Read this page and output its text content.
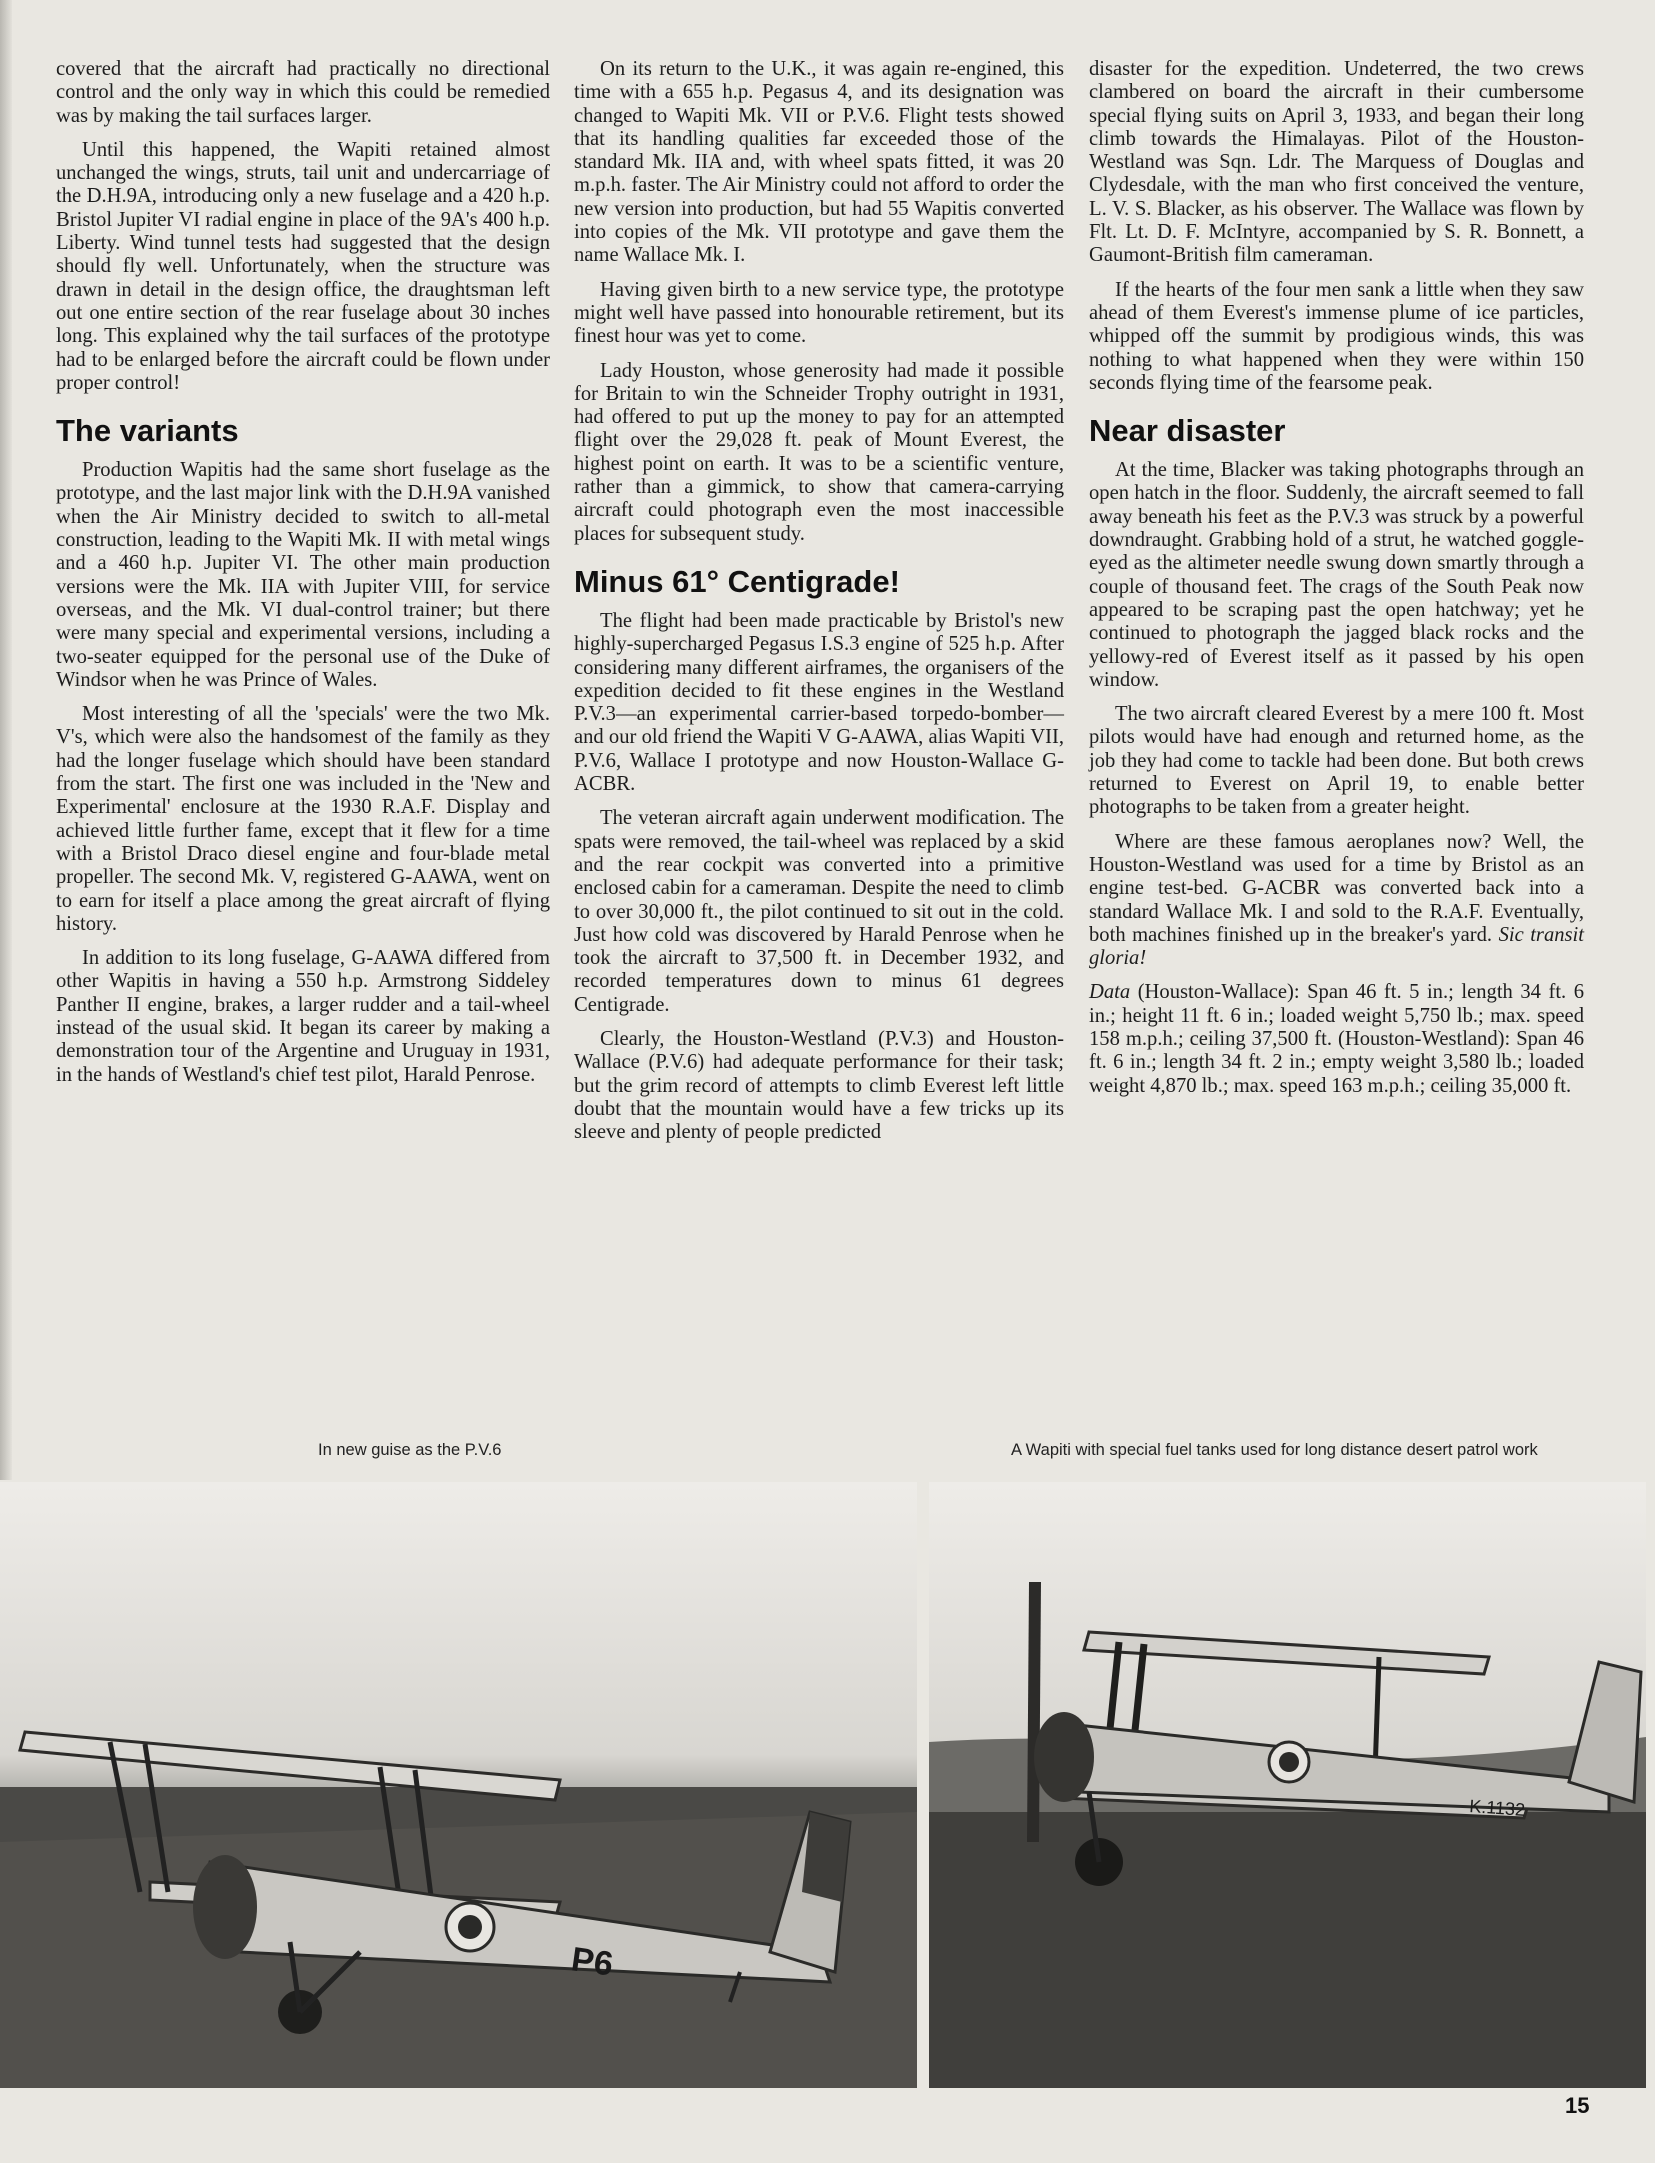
covered that the aircraft had practically no directional control and the only way in which this could be remedied was by making the tail surfaces larger.

Until this happened, the Wapiti retained almost unchanged the wings, struts, tail unit and undercarriage of the D.H.9A, introducing only a new fuselage and a 420 h.p. Bristol Jupiter VI radial engine in place of the 9A's 400 h.p. Liberty. Wind tunnel tests had suggested that the design should fly well. Unfortunately, when the structure was drawn in detail in the design office, the draughtsman left out one entire section of the rear fuselage about 30 inches long. This explained why the tail surfaces of the prototype had to be enlarged before the aircraft could be flown under proper control!

The variants

Production Wapitis had the same short fuselage as the prototype, and the last major link with the D.H.9A vanished when the Air Ministry decided to switch to all-metal construction, leading to the Wapiti Mk. II with metal wings and a 460 h.p. Jupiter VI. The other main production versions were the Mk. IIA with Jupiter VIII, for service overseas, and the Mk. VI dual-control trainer; but there were many special and experimental versions, including a two-seater equipped for the personal use of the Duke of Windsor when he was Prince of Wales.

Most interesting of all the 'specials' were the two Mk. V's, which were also the handsomest of the family as they had the longer fuselage which should have been standard from the start. The first one was included in the 'New and Experimental' enclosure at the 1930 R.A.F. Display and achieved little further fame, except that it flew for a time with a Bristol Draco diesel engine and four-blade metal propeller. The second Mk. V, registered G-AAWA, went on to earn for itself a place among the great aircraft of flying history.

In addition to its long fuselage, G-AAWA differed from other Wapitis in having a 550 h.p. Armstrong Siddeley Panther II engine, brakes, a larger rudder and a tail-wheel instead of the usual skid. It began its career by making a demonstration tour of the Argentine and Uruguay in 1931, in the hands of Westland's chief test pilot, Harald Penrose.

On its return to the U.K., it was again re-engined, this time with a 655 h.p. Pegasus 4, and its designation was changed to Wapiti Mk. VII or P.V.6. Flight tests showed that its handling qualities far exceeded those of the standard Mk. IIA and, with wheel spats fitted, it was 20 m.p.h. faster. The Air Ministry could not afford to order the new version into production, but had 55 Wapitis converted into copies of the Mk. VII prototype and gave them the name Wallace Mk. I.

Having given birth to a new service type, the prototype might well have passed into honourable retirement, but its finest hour was yet to come.

Lady Houston, whose generosity had made it possible for Britain to win the Schneider Trophy outright in 1931, had offered to put up the money to pay for an attempted flight over the 29,028 ft. peak of Mount Everest, the highest point on earth. It was to be a scientific venture, rather than a gimmick, to show that camera-carrying aircraft could photograph even the most inaccessible places for subsequent study.

Minus 61° Centigrade!

The flight had been made practicable by Bristol's new highly-supercharged Pegasus I.S.3 engine of 525 h.p. After considering many different airframes, the organisers of the expedition decided to fit these engines in the Westland P.V.3—an experimental carrier-based torpedo-bomber—and our old friend the Wapiti V G-AAWA, alias Wapiti VII, P.V.6, Wallace I prototype and now Houston-Wallace G-ACBR.

The veteran aircraft again underwent modification. The spats were removed, the tail-wheel was replaced by a skid and the rear cockpit was converted into a primitive enclosed cabin for a cameraman. Despite the need to climb to over 30,000 ft., the pilot continued to sit out in the cold. Just how cold was discovered by Harald Penrose when he took the aircraft to 37,500 ft. in December 1932, and recorded temperatures down to minus 61 degrees Centigrade.

Clearly, the Houston-Westland (P.V.3) and Houston-Wallace (P.V.6) had adequate performance for their task; but the grim record of attempts to climb Everest left little doubt that the mountain would have a few tricks up its sleeve and plenty of people predicted

disaster for the expedition. Undeterred, the two crews clambered on board the aircraft in their cumbersome special flying suits on April 3, 1933, and began their long climb towards the Himalayas. Pilot of the Houston-Westland was Sqn. Ldr. The Marquess of Douglas and Clydesdale, with the man who first conceived the venture, L. V. S. Blacker, as his observer. The Wallace was flown by Flt. Lt. D. F. McIntyre, accompanied by S. R. Bonnett, a Gaumont-British film cameraman.

If the hearts of the four men sank a little when they saw ahead of them Everest's immense plume of ice particles, whipped off the summit by prodigious winds, this was nothing to what happened when they were within 150 seconds flying time of the fearsome peak.

Near disaster

At the time, Blacker was taking photographs through an open hatch in the floor. Suddenly, the aircraft seemed to fall away beneath his feet as the P.V.3 was struck by a powerful downdraught. Grabbing hold of a strut, he watched goggle-eyed as the altimeter needle swung down smartly through a couple of thousand feet. The crags of the South Peak now appeared to be scraping past the open hatchway; yet he continued to photograph the jagged black rocks and the yellowy-red of Everest itself as it passed by his open window.

The two aircraft cleared Everest by a mere 100 ft. Most pilots would have had enough and returned home, as the job they had come to tackle had been done. But both crews returned to Everest on April 19, to enable better photographs to be taken from a greater height.

Where are these famous aeroplanes now? Well, the Houston-Westland was used for a time by Bristol as an engine test-bed. G-ACBR was converted back into a standard Wallace Mk. I and sold to the R.A.F. Eventually, both machines finished up in the breaker's yard. Sic transit gloria!

Data (Houston-Wallace): Span 46 ft. 5 in.; length 34 ft. 6 in.; height 11 ft. 6 in.; loaded weight 5,750 lb.; max. speed 158 m.p.h.; ceiling 37,500 ft. (Houston-Westland): Span 46 ft. 6 in.; length 34 ft. 2 in.; empty weight 3,580 lb.; loaded weight 4,870 lb.; max. speed 163 m.p.h.; ceiling 35,000 ft.

In new guise as the P.V.6	A Wapiti with special fuel tanks used for long distance desert patrol work
P6
K.1132
15
